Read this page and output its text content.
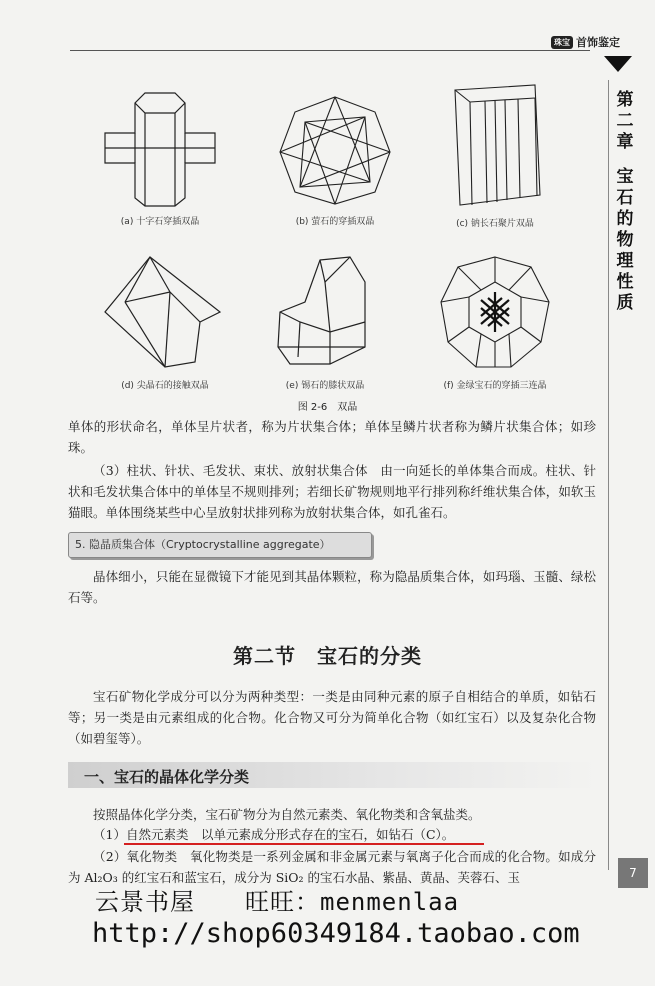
珠宝 首饰鉴定
第
二
章
宝
石
的
物
理
性
质
7
(a) 十字石穿插双晶	(b) 萤石的穿插双晶	(c) 钠长石聚片双晶
(d) 尖晶石的接触双晶	(e) 锡石的膝状双晶	(f) 金绿宝石的穿插三连晶
图 2-6　双晶
单体的形状命名，单体呈片状者，称为片状集合体；单体呈鳞片状者称为鳞片状集合体；如珍珠。
（3）柱状、针状、毛发状、束状、放射状集合体　由一向延长的单体集合而成。柱状、针状和毛发状集合体中的单体呈不规则排列；若细长矿物规则地平行排列称纤维状集合体，如软玉猫眼。单体围绕某些中心呈放射状排列称为放射状集合体，如孔雀石。
5. 隐晶质集合体（Cryptocrystalline aggregate）
晶体细小，只能在显微镜下才能见到其晶体颗粒，称为隐晶质集合体，如玛瑙、玉髓、绿松石等。
第二节　宝石的分类
宝石矿物化学成分可以分为两种类型：一类是由同种元素的原子自相结合的单质，如钻石等；另一类是由元素组成的化合物。化合物又可分为简单化合物（如红宝石）以及复杂化合物（如碧玺等）。
一、宝石的晶体化学分类
按照晶体化学分类，宝石矿物分为自然元素类、氧化物类和含氧盐类。
（1）自然元素类　以单元素成分形式存在的宝石，如钻石（C）。
（2）氧化物类　氧化物类是一系列金属和非金属元素与氧离子化合而成的化合物。如成分为 Al₂O₃ 的红宝石和蓝宝石，成分为 SiO₂ 的宝石水晶、紫晶、黄晶、芙蓉石、玉
云景书屋　　旺旺：menmenlaa
http://shop60349184.taobao.com
